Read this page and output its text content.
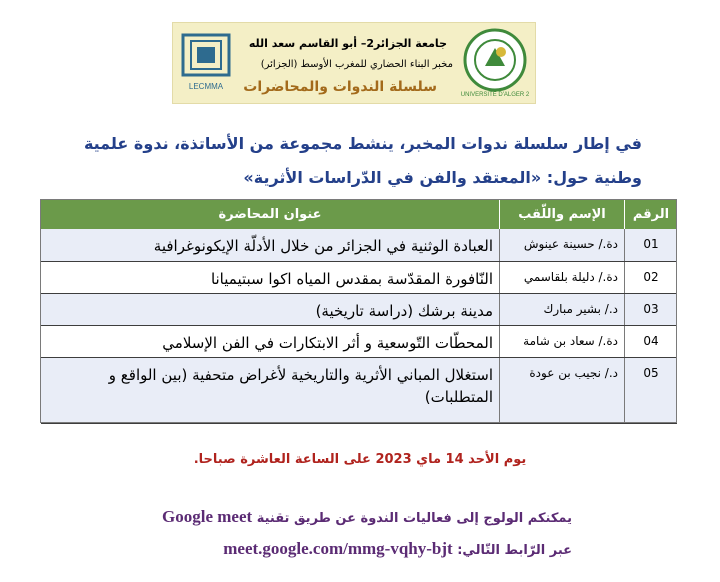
LECMMA
جامعة الجزائر2– أبو القاسم سعد الله
مخبر البناء الحضاري للمغرب الأوسط (الجزائر)
سلسلة الندوات والمحاضرات	UNIVERSITÉ D'ALGER 2
في إطار سلسلة ندوات المخبر، ينشط مجموعة من الأساتذة، ندوة علمية
وطنية حول: «المعتقد والفن في الدّراسات الأثرية»
الرقم	الإسم واللّقب	عنوان المحاضرة
01	دة./ حسينة عينوش	العبادة الوثنية في الجزائر من خلال الأدلّة الإيكونوغرافية
02	دة./ دليلة بلقاسمي	النّافورة المقدّسة بمقدس المياه اكوا سبتيميانا
03	د./ بشير مبارك	مدينة برشك (دراسة تاريخية)
04	دة./ سعاد بن شامة	المحطّات التّوسعية و أثر الابتكارات في الفن الإسلامي
05	د./ نجيب بن عودة	استغلال المباني الأثرية والتاريخية لأغراض متحفية (بين الواقع و المتطلبات)
يوم الأحد 14 ماي 2023 على الساعة العاشرة صباحا.
يمكنكم الولوج إلى فعاليات الندوة عن طريق تقنية Google meet
عبر الرّابط التّالي: meet.google.com/mmg-vqhy-bjt
